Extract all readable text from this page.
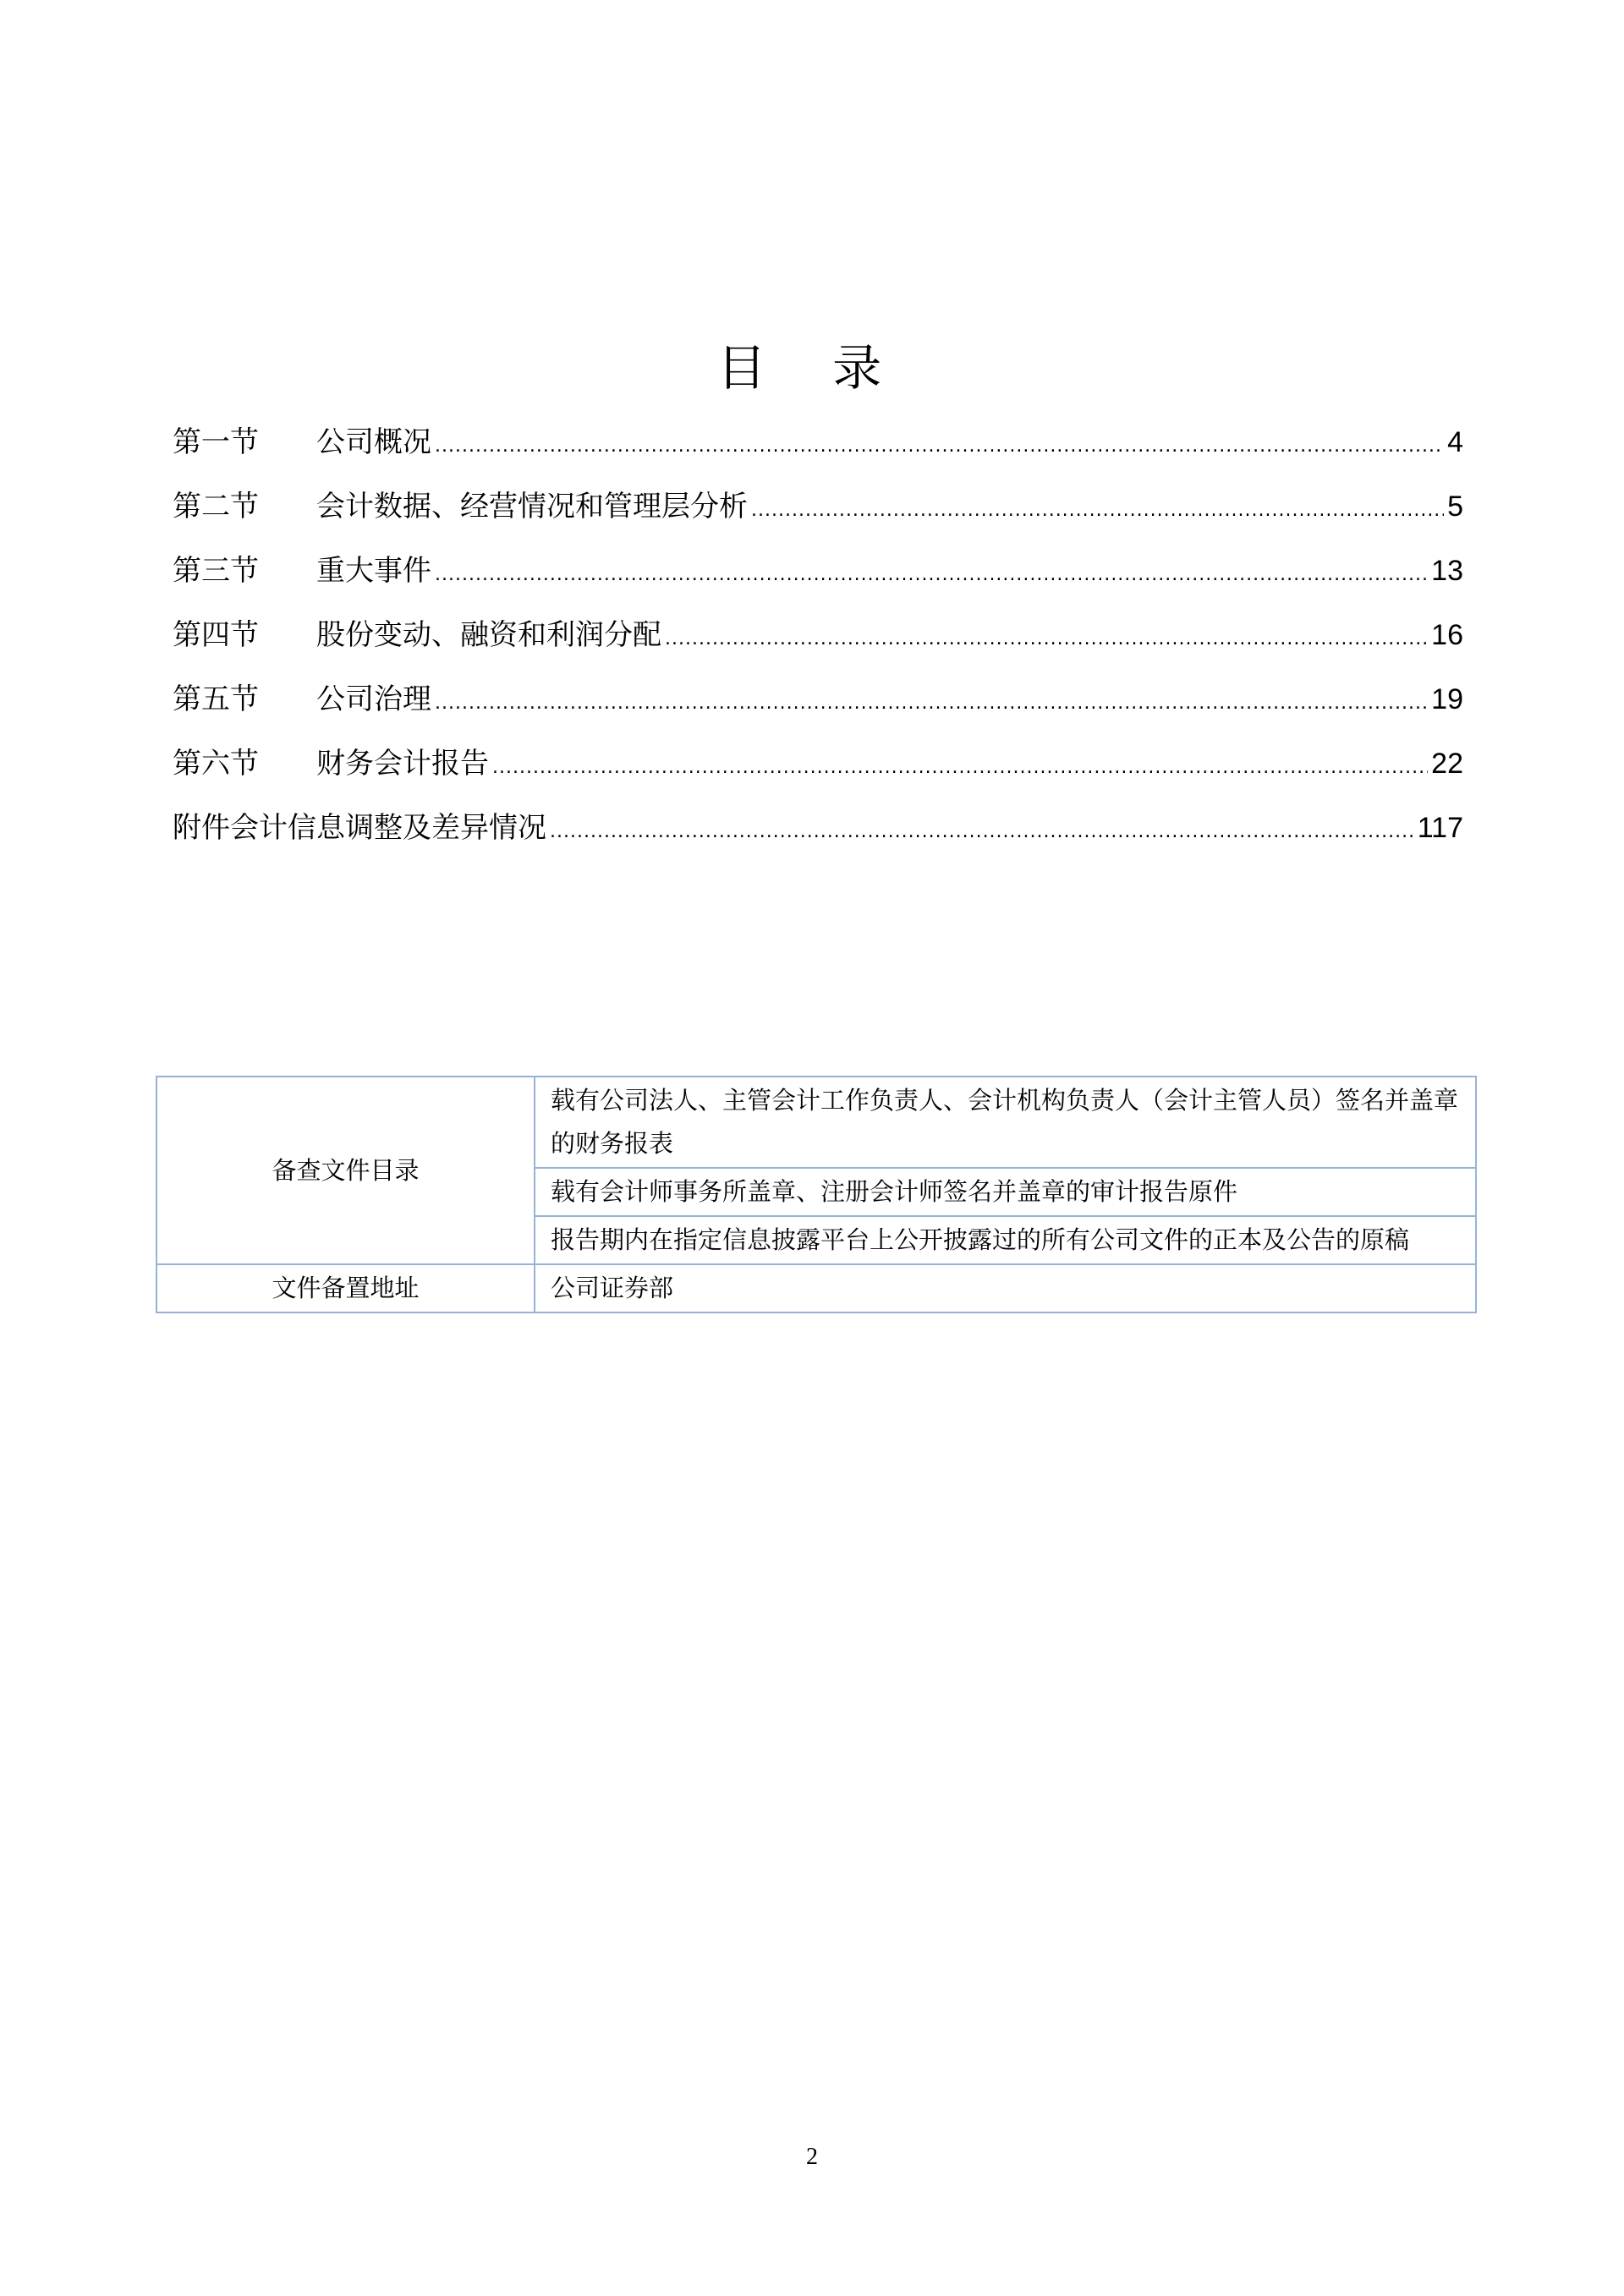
目 录
第一节	公司概况 .....	4
第二节	会计数据、经营情况和管理层分析 .....	5
第三节	重大事件 .....	13
第四节	股份变动、融资和利润分配 .....	16
第五节	公司治理 .....	19
第六节	财务会计报告 .....	22
附件会计信息调整及差异情况 .....	117
备查文件目录	载有公司法人、主管会计工作负责人、会计机构负责人（会计主管人员）签名并盖章的财务报表
	载有会计师事务所盖章、注册会计师签名并盖章的审计报告原件
	报告期内在指定信息披露平台上公开披露过的所有公司文件的正本及公告的原稿
文件备置地址	公司证券部
2
